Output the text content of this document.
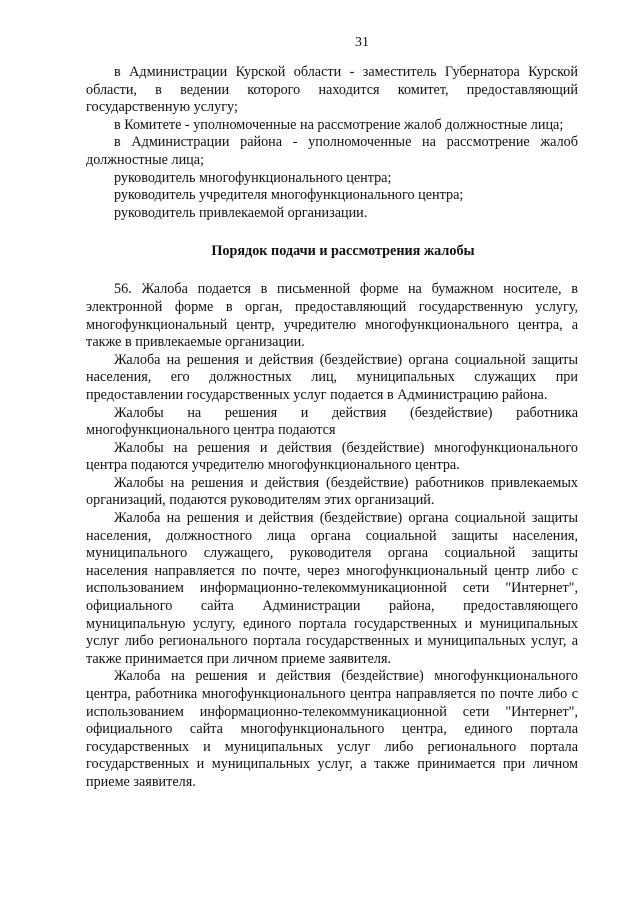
31

в Администрации Курской области - заместитель Губернатора Курской области, в ведении которого находится комитет, предоставляющий государственную услугу;

в Комитете - уполномоченные на рассмотрение жалоб должностные лица;

в Администрации района - уполномоченные на рассмотрение жалоб должностные лица;

руководитель многофункционального центра;

руководитель учредителя многофункционального центра;

руководитель привлекаемой организации.

Порядок подачи и рассмотрения жалобы

56. Жалоба подается в письменной форме на бумажном носителе, в электронной форме в орган, предоставляющий государственную услугу, многофункциональный центр, учредителю многофункционального центра, а также в привлекаемые организации.

Жалоба на решения и действия (бездействие) органа социальной защиты населения, его должностных лиц, муниципальных служащих при предоставлении государственных услуг подается в Администрацию района.

Жалобы на решения и действия (бездействие) работника многофункционального центра подаются

Жалобы на решения и действия (бездействие) многофункционального центра подаются учредителю многофункционального центра.

Жалобы на решения и действия (бездействие) работников привлекаемых организаций, подаются руководителям этих организаций.

Жалоба на решения и действия (бездействие) органа социальной защиты населения, должностного лица органа социальной защиты населения, муниципального служащего, руководителя органа социальной защиты населения направляется по почте, через многофункциональный центр либо с использованием информационно-телекоммуникационной сети "Интернет", официального сайта Администрации района, предоставляющего муниципальную услугу, единого портала государственных и муниципальных услуг либо регионального портала государственных и муниципальных услуг, а также принимается при личном приеме заявителя.

Жалоба на решения и действия (бездействие) многофункционального центра, работника многофункционального центра направляется по почте либо с использованием информационно-телекоммуникационной сети "Интернет", официального сайта многофункционального центра, единого портала государственных и муниципальных услуг либо регионального портала государственных и муниципальных услуг, а также принимается при личном приеме заявителя.
